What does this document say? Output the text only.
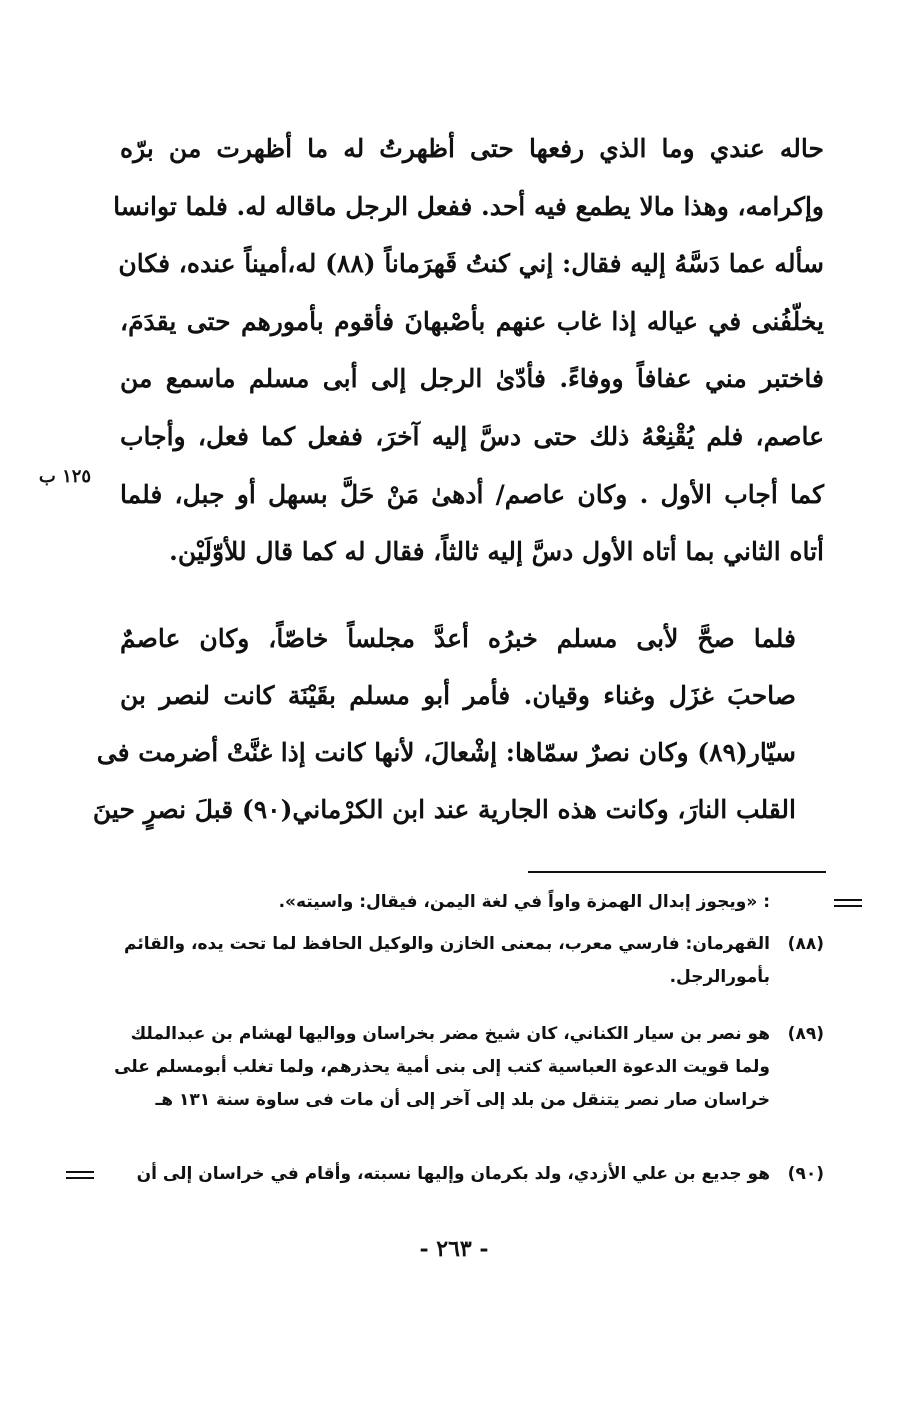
حاله عندي وما الذي رفعها حتى أظهرتُ له ما أظهرت من برّه
وإكرامه، وهذا مالا يطمع فيه أحد. ففعل الرجل ماقاله له. فلما توانسا
سأله عما دَسَّهُ إليه فقال: إني كنتُ قَهرَماناً (٨٨) له،أميناً عنده، فكان
يخلّفُنى في عياله إذا غاب عنهم بأصْبهانَ فأقوم بأمورهم حتى يقدَمَ،
فاختبر مني عفافاً ووفاءً. فأدّىٰ الرجل إلى أبى مسلم ماسمع من
عاصم، فلم يُقْنِعْهُ ذلك حتى دسَّ إليه آخرَ، ففعل كما فعل، وأجاب
كما أجاب الأول . وكان عاصم/ أدهىٰ مَنْ حَلَّ بسهل أو جبل، فلما
أتاه الثاني بما أتاه الأول دسَّ إليه ثالثاً، فقال له كما قال للأوّلَيْن.
١٢٥ ب
فلما صحَّ لأبى مسلم خبرُه أعدَّ مجلساً خاصّاً، وكان عاصمٌ
صاحبَ غزَل وغناء وقيان. فأمر أبو مسلم بقَيْنَة كانت لنصر بن
سيّار(٨٩) وكان نصرٌ سمّاها: إشْعالَ، لأنها كانت إذا غنَّتْ أضرمت فى
القلب النارَ، وكانت هذه الجارية عند ابن الكرْماني(٩٠) قبلَ نصرٍ حينَ
: «ويجوز إبدال الهمزة واواً في لغة اليمن، فيقال: واسيته».
(٨٨)
القهرمان: فارسي معرب، بمعنى الخازن والوكيل الحافظ لما تحت يده، والقائم
بأمورالرجل.
(٨٩)
هو نصر بن سيار الكناني، كان شيخ مضر بخراسان وواليها لهشام بن عبدالملك
ولما قويت الدعوة العباسية كتب إلى بنى أمية يحذرهم، ولما تغلب أبومسلم على
خراسان صار نصر يتنقل من بلد إلى آخر إلى أن مات فى ساوة سنة ١٣١ هـ
(٩٠)
هو جديع بن علي الأزدي، ولد بكرمان وإليها نسبته، وأقام في خراسان إلى أن
- ٢٦٣ -
